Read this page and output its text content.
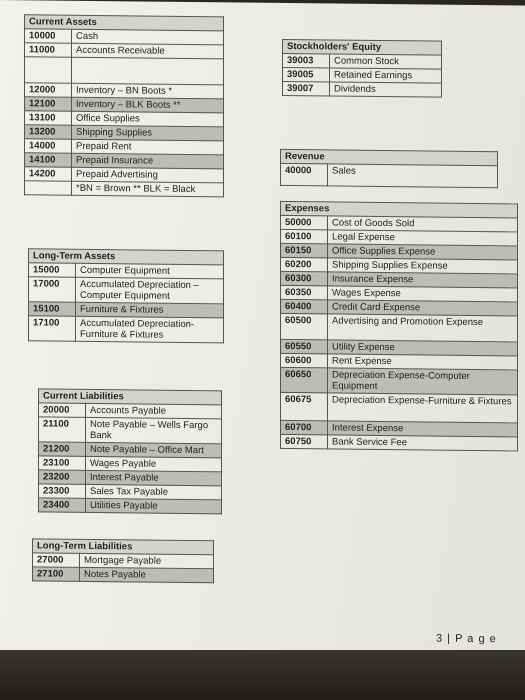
Current Assets	
10000	Cash
11000	Accounts Receivable

12000	Inventory – BN Boots *
12100	Inventory – BLK Boots **
13100	Office Supplies
13200	Shipping Supplies
14000	Prepaid Rent
14100	Prepaid Insurance
14200	Prepaid Advertising
	*BN = Brown ** BLK = Black
Long-Term Assets	
15000	Computer Equipment
17000	Accumulated Depreciation –Computer Equipment
15100	Furniture & Fixtures
17100	Accumulated Depreciation-Furniture & Fixtures
Current Liabilities	
20000	Accounts Payable
21100	Note Payable – Wells Fargo Bank
21200	Note Payable – Office Mart
23100	Wages Payable
23200	Interest Payable
23300	Sales Tax Payable
23400	Utilities Payable
Long-Term Liabilities	
27000	Mortgage Payable
27100	Notes Payable
Stockholders' Equity	
39003	Common Stock
39005	Retained Earnings
39007	Dividends
Revenue
40000	Sales
Expenses	
50000	Cost of Goods Sold
60100	Legal Expense
60150	Office Supplies Expense
60200	Shipping Supplies Expense
60300	Insurance Expense
60350	Wages Expense
60400	Credit Card Expense
60500	Advertising and Promotion Expense
60550	Utility Expense
60600	Rent Expense
60650	Depreciation Expense-Computer Equipment
60675	Depreciation Expense-Furniture & Fixtures
60700	Interest Expense
60750	Bank Service Fee
3 | P a g e
